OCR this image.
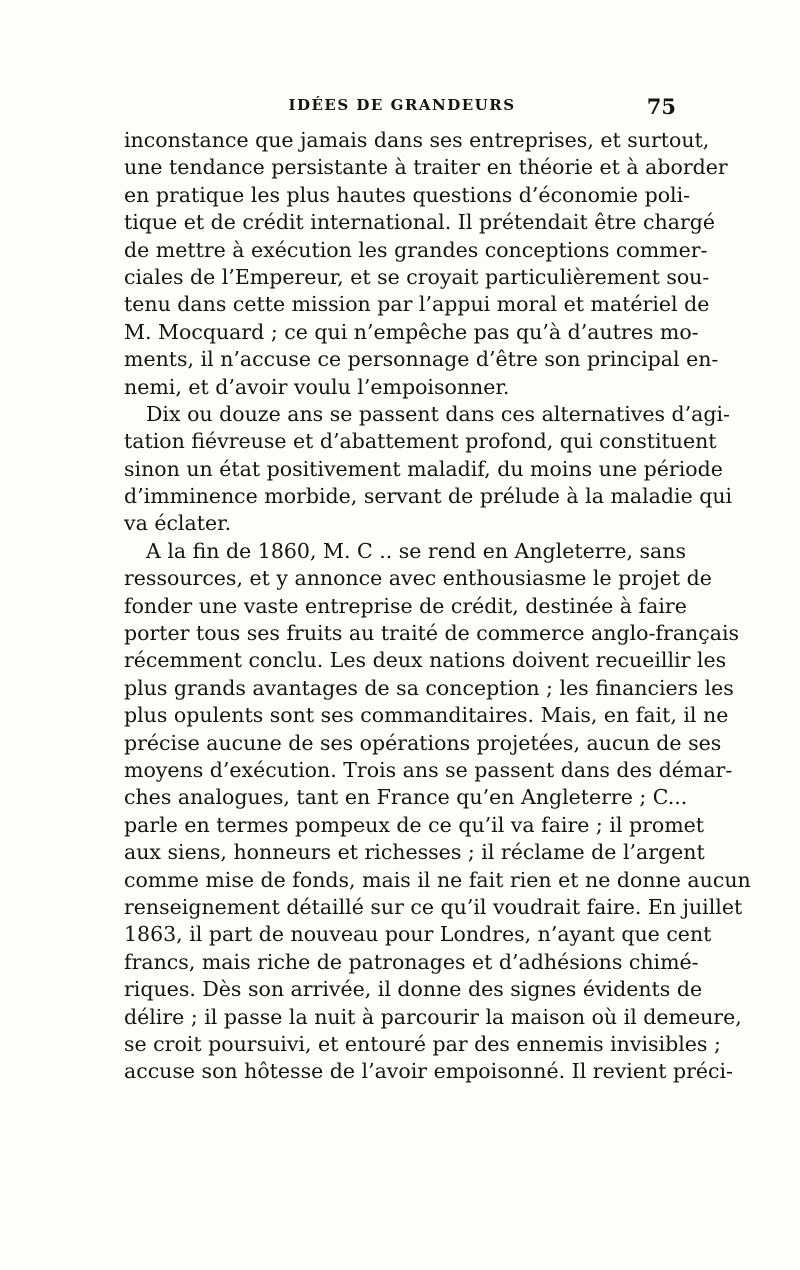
IDÉES DE GRANDEURS	75
inconstance que jamais dans ses entreprises, et surtout,
une tendance persistante à traiter en théorie et à aborder
en pratique les plus hautes questions d’économie poli-
tique et de crédit international. Il prétendait être chargé
de mettre à exécution les grandes conceptions commer-
ciales de l’Empereur, et se croyait particulièrement sou-
tenu dans cette mission par l’appui moral et matériel de
M. Mocquard ; ce qui n’empêche pas qu’à d’autres mo-
ments, il n’accuse ce personnage d’être son principal en-
nemi, et d’avoir voulu l’empoisonner.
Dix ou douze ans se passent dans ces alternatives d’agi-
tation fiévreuse et d’abattement profond, qui constituent
sinon un état positivement maladif, du moins une période
d’imminence morbide, servant de prélude à la maladie qui
va éclater.
A la fin de 1860, M. C .. se rend en Angleterre, sans
ressources, et y annonce avec enthousiasme le projet de
fonder une vaste entreprise de crédit, destinée à faire
porter tous ses fruits au traité de commerce anglo-français
récemment conclu. Les deux nations doivent recueillir les
plus grands avantages de sa conception ; les financiers les
plus opulents sont ses commanditaires. Mais, en fait, il ne
précise aucune de ses opérations projetées, aucun de ses
moyens d’exécution. Trois ans se passent dans des démar-
ches analogues, tant en France qu’en Angleterre ; C...
parle en termes pompeux de ce qu’il va faire ; il promet
aux siens, honneurs et richesses ; il réclame de l’argent
comme mise de fonds, mais il ne fait rien et ne donne aucun
renseignement détaillé sur ce qu’il voudrait faire. En juillet
1863, il part de nouveau pour Londres, n’ayant que cent
francs, mais riche de patronages et d’adhésions chimé-
riques. Dès son arrivée, il donne des signes évidents de
délire ; il passe la nuit à parcourir la maison où il demeure,
se croit poursuivi, et entouré par des ennemis invisibles ;
accuse son hôtesse de l’avoir empoisonné. Il revient préci-
